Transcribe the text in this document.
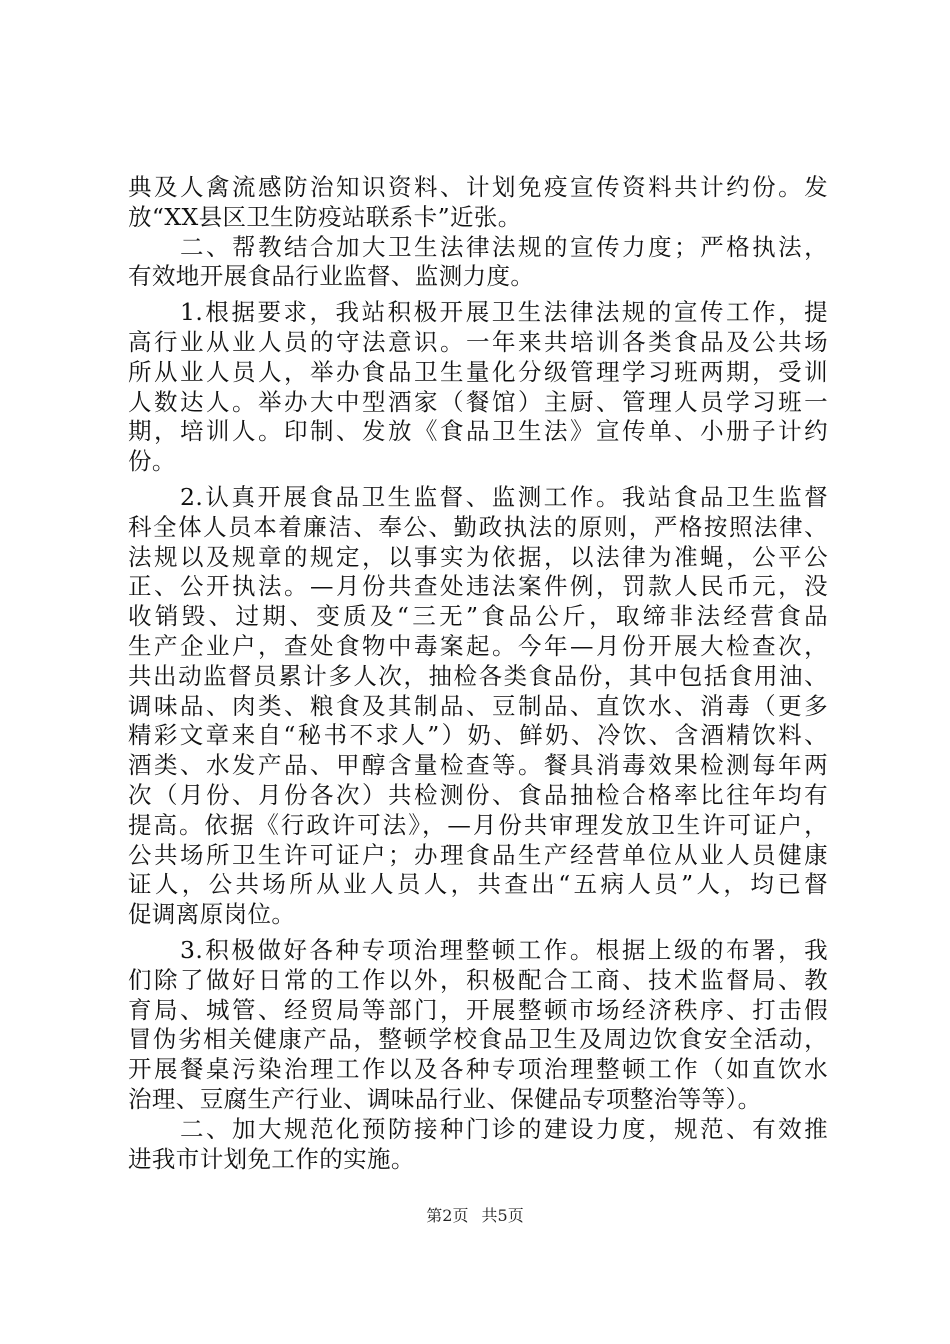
典及人禽流感防治知识资料、计划免疫宣传资料共计约份。发
放“XX县区卫生防疫站联系卡”近张。

　　二、帮教结合加大卫生法律法规的宣传力度；严格执法，
有效地开展食品行业监督、监测力度。

　　1.根据要求，我站积极开展卫生法律法规的宣传工作，提
高行业从业人员的守法意识。一年来共培训各类食品及公共场
所从业人员人，举办食品卫生量化分级管理学习班两期，受训
人数达人。举办大中型酒家（餐馆）主厨、管理人员学习班一
期，培训人。印制、发放《食品卫生法》宣传单、小册子计约
份。

　　2.认真开展食品卫生监督、监测工作。我站食品卫生监督
科全体人员本着廉洁、奉公、勤政执法的原则，严格按照法律、
法规以及规章的规定，以事实为依据，以法律为准蝇，公平公
正、公开执法。—月份共查处违法案件例，罚款人民币元，没
收销毁、过期、变质及“三无”食品公斤，取缔非法经营食品
生产企业户，查处食物中毒案起。今年—月份开展大检查次，
共出动监督员累计多人次，抽检各类食品份，其中包括食用油、
调味品、肉类、粮食及其制品、豆制品、直饮水、消毒（更多
精彩文章来自“秘书不求人”）奶、鲜奶、冷饮、含酒精饮料、
酒类、水发产品、甲醇含量检查等。餐具消毒效果检测每年两
次（月份、月份各次）共检测份、食品抽检合格率比往年均有
提高。依据《行政许可法》，—月份共审理发放卫生许可证户，
公共场所卫生许可证户；办理食品生产经营单位从业人员健康
证人，公共场所从业人员人，共查出“五病人员”人，均已督
促调离原岗位。

　　3.积极做好各种专项治理整顿工作。根据上级的布署，我
们除了做好日常的工作以外，积极配合工商、技术监督局、教
育局、城管、经贸局等部门，开展整顿市场经济秩序、打击假
冒伪劣相关健康产品，整顿学校食品卫生及周边饮食安全活动，
开展餐桌污染治理工作以及各种专项治理整顿工作（如直饮水
治理、豆腐生产行业、调味品行业、保健品专项整治等等）。

　　二、加大规范化预防接种门诊的建设力度，规范、有效推
进我市计划免工作的实施。

第2页 共5页
